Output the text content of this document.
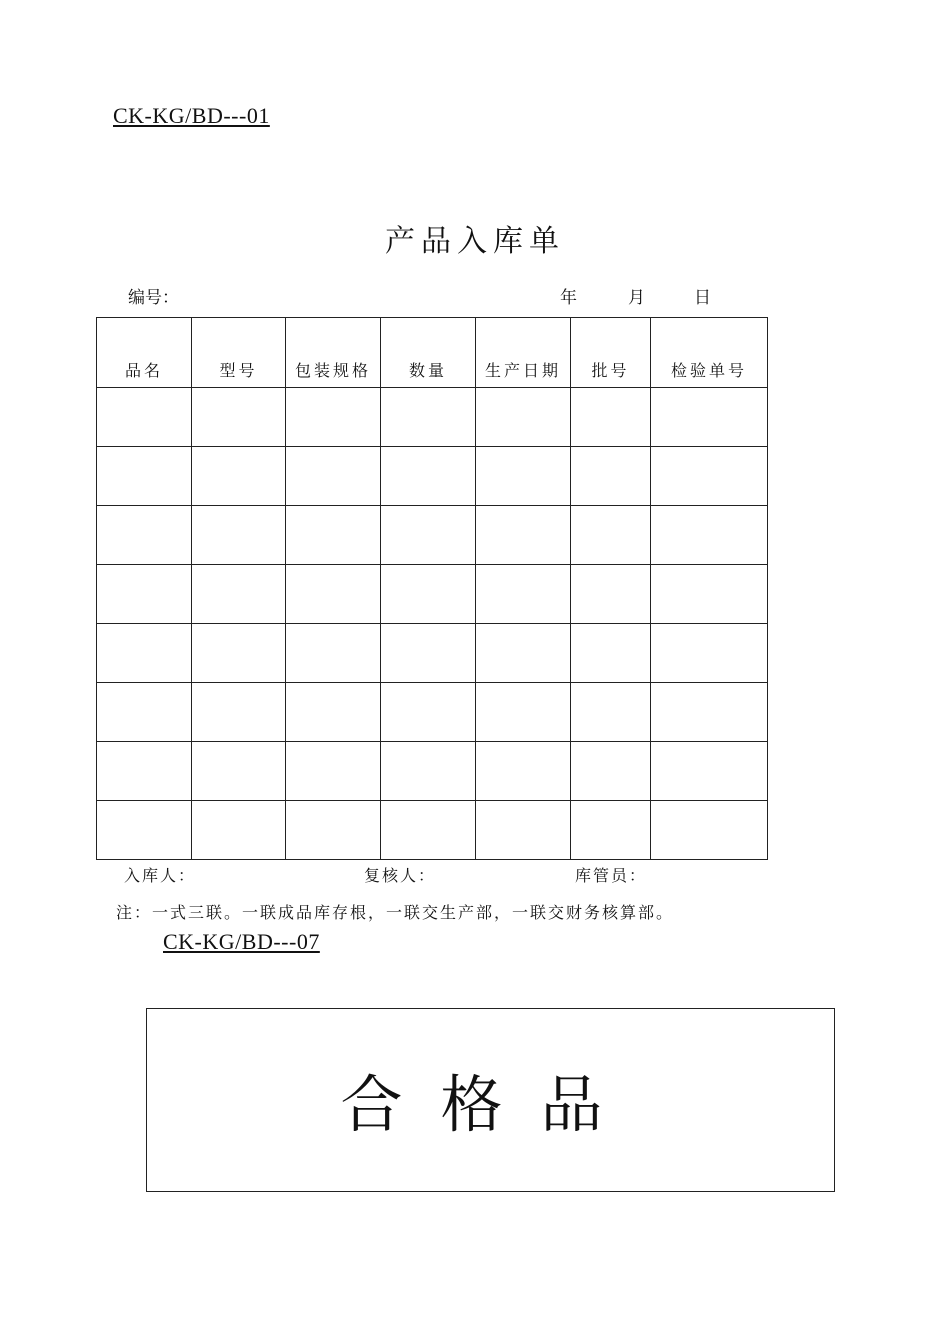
CK-KG/BD---01
产品入库单
编号：	年	月	日
品名	型号	包装规格	数量	生产日期	批号	检验单号

入库人：	复核人：	库管员：
注：一式三联。一联成品库存根，一联交生产部，一联交财务核算部。
CK-KG/BD---07
合格品
